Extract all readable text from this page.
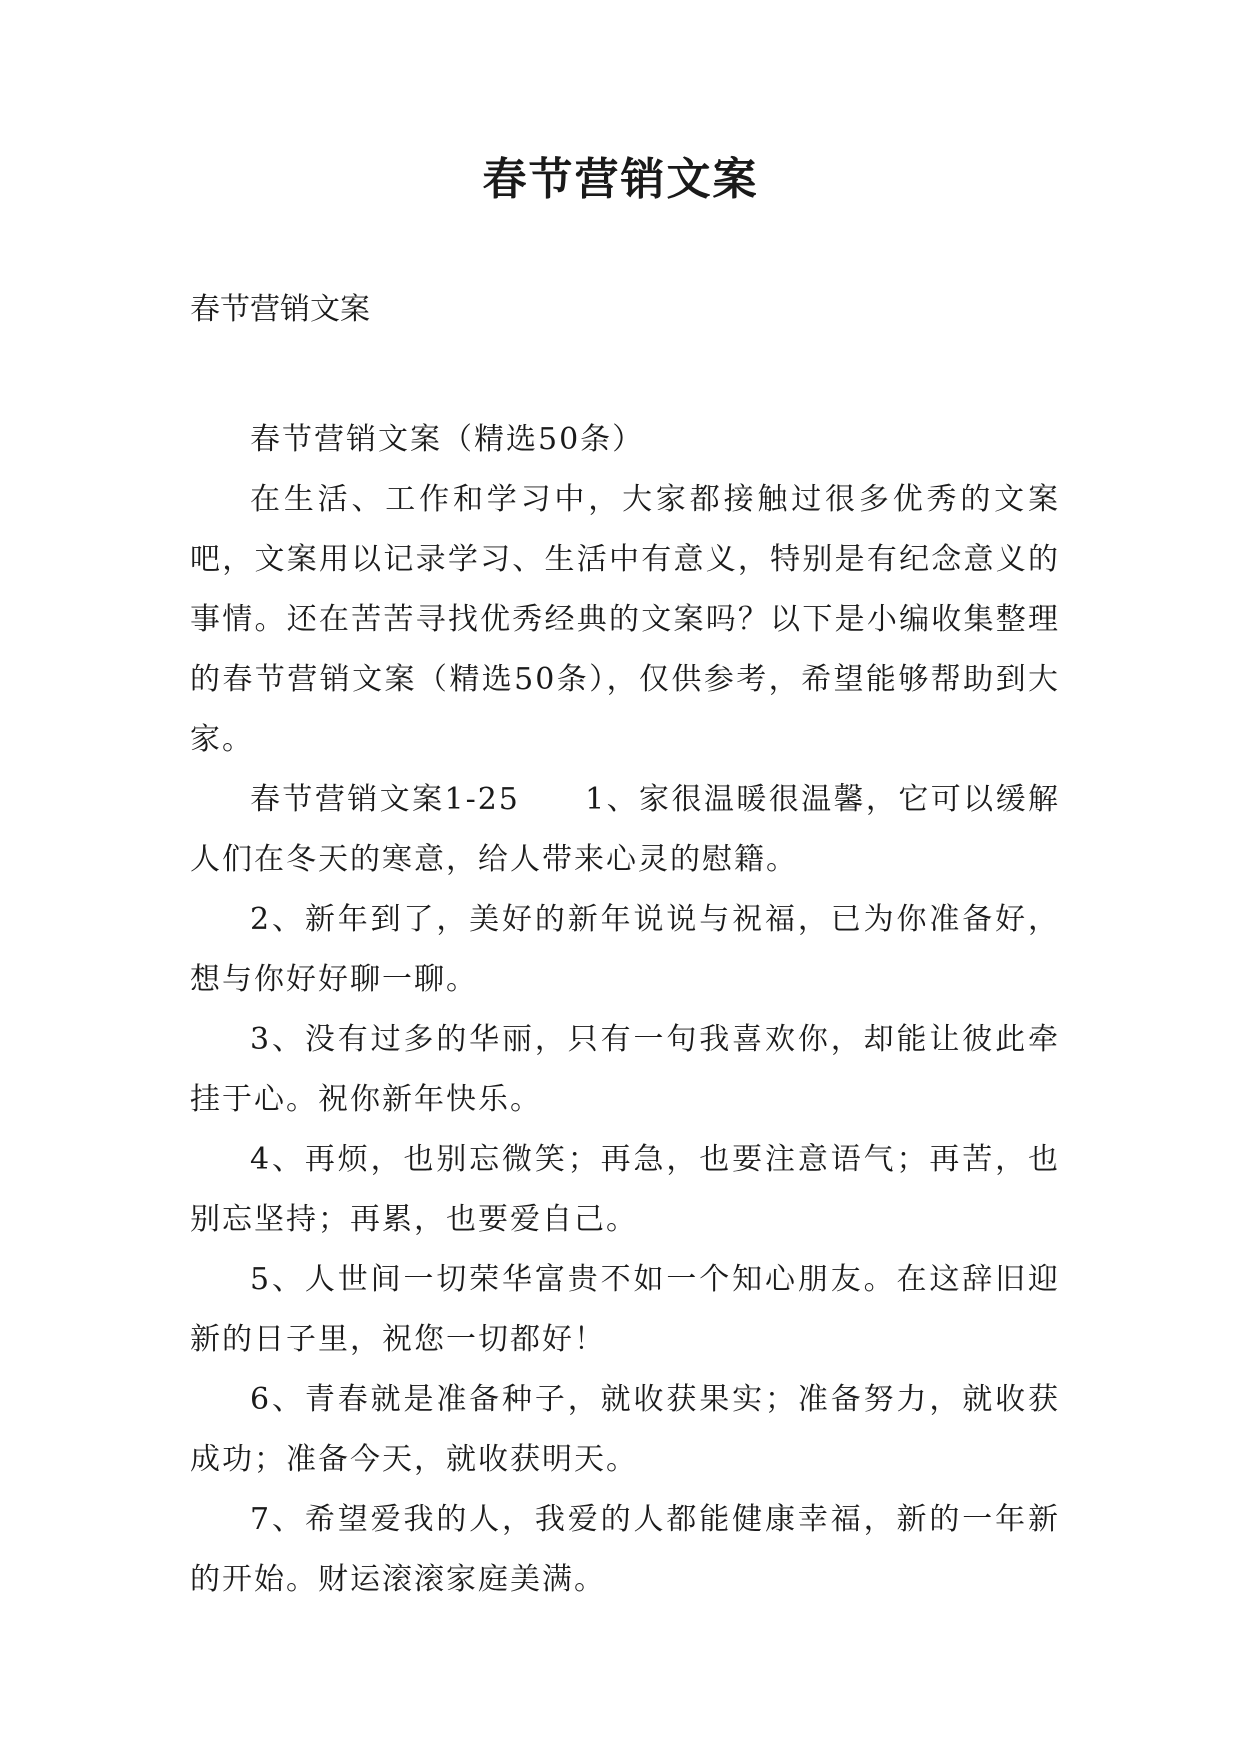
春节营销文案
春节营销文案

春节营销文案（精选50条）

在生活、工作和学习中，大家都接触过很多优秀的文案吧，文案用以记录学习、生活中有意义，特别是有纪念意义的事情。还在苦苦寻找优秀经典的文案吗？以下是小编收集整理的春节营销文案（精选50条），仅供参考，希望能够帮助到大家。

春节营销文案1-25　　1、家很温暖很温馨，它可以缓解人们在冬天的寒意，给人带来心灵的慰籍。

2、新年到了，美好的新年说说与祝福，已为你准备好，想与你好好聊一聊。

3、没有过多的华丽，只有一句我喜欢你，却能让彼此牵挂于心。祝你新年快乐。

4、再烦，也别忘微笑；再急，也要注意语气；再苦，也别忘坚持；再累，也要爱自己。

5、人世间一切荣华富贵不如一个知心朋友。在这辞旧迎新的日子里，祝您一切都好！

6、青春就是准备种子，就收获果实；准备努力，就收获成功；准备今天，就收获明天。

7、希望爱我的人，我爱的人都能健康幸福，新的一年新的开始。财运滚滚家庭美满。
